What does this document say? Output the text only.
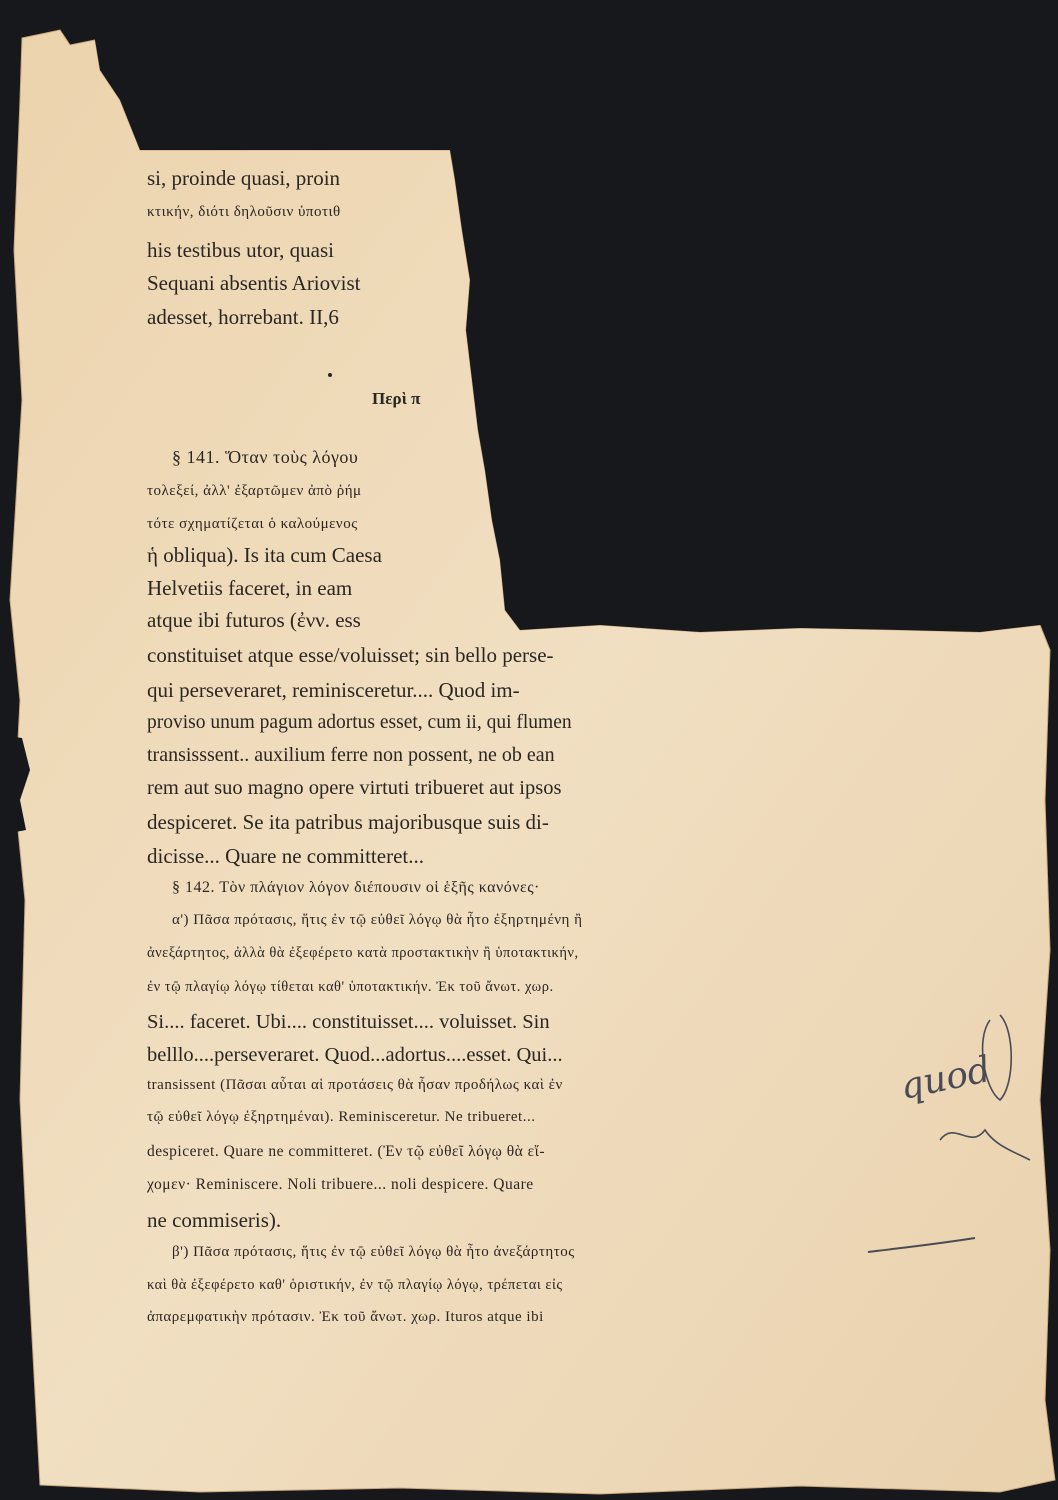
si, proinde quasi, proin
κτικήν, διότι δηλοῦσιν ὑποτιθ
his testibus utor, quasi
Sequani absentis Ariovist
adesset, horrebant. II,6
Περὶ π
§ 141. Ὅταν τοὺς λόγου
τολεξεί, ἀλλ' ἐξαρτῶμεν ἀπὸ ῥήμ
τότε σχηματίζεται ὁ καλούμενος
ἡ obliqua). Is ita cum Caesa
Helvetiis faceret, in eam
atque ibi futuros (ἐνν. ess
constituiset atque esse/voluisset; sin bello perse-
qui perseveraret, reminisceretur.... Quod im-
proviso unum pagum adortus esset, cum ii, qui flumen
transisssent.. auxilium ferre non possent, ne ob ean
rem aut suo magno opere virtuti tribueret aut ipsos
despiceret. Se ita patribus majoribusque suis di-
dicisse... Quare ne committeret...
§ 142. Τὸν πλάγιον λόγον διέπουσιν οἱ ἑξῆς κανόνες·
α') Πᾶσα πρότασις, ἥτις ἐν τῷ εὐθεῖ λόγῳ θὰ ἦτο ἐξηρτημένη ἢ
ἀνεξάρτητος, ἀλλὰ θὰ ἐξεφέρετο κατὰ προστακτικὴν ἢ ὑποτακτικήν,
ἐν τῷ πλαγίῳ λόγῳ τίθεται καθ' ὑποτακτικήν. Ἐκ τοῦ ἄνωτ. χωρ.
Si.... faceret. Ubi.... constituisset.... voluisset. Sin
belllo....perseveraret. Quod...adortus....esset. Qui...
transissent (Πᾶσαι αὗται αἱ προτάσεις θὰ ἦσαν προδήλως καὶ ἐν
τῷ εὐθεῖ λόγῳ ἐξηρτημέναι). Reminisceretur. Ne tribueret...
despiceret. Quare ne committeret. (Ἐν τῷ εὐθεῖ λόγῳ θὰ εἴ-
χομεν· Reminiscere. Noli tribuere... noli despicere. Quare
ne commiseris).
β') Πᾶσα πρότασις, ἥτις ἐν τῷ εὐθεῖ λόγῳ θὰ ἦτο ἀνεξάρτητος
καὶ θὰ ἐξεφέρετο καθ' ὁριστικήν, ἐν τῷ πλαγίῳ λόγῳ, τρέπεται εἰς
ἀπαρεμφατικὴν πρότασιν. Ἐκ τοῦ ἄνωτ. χωρ. Ituros atque ibi
quod
